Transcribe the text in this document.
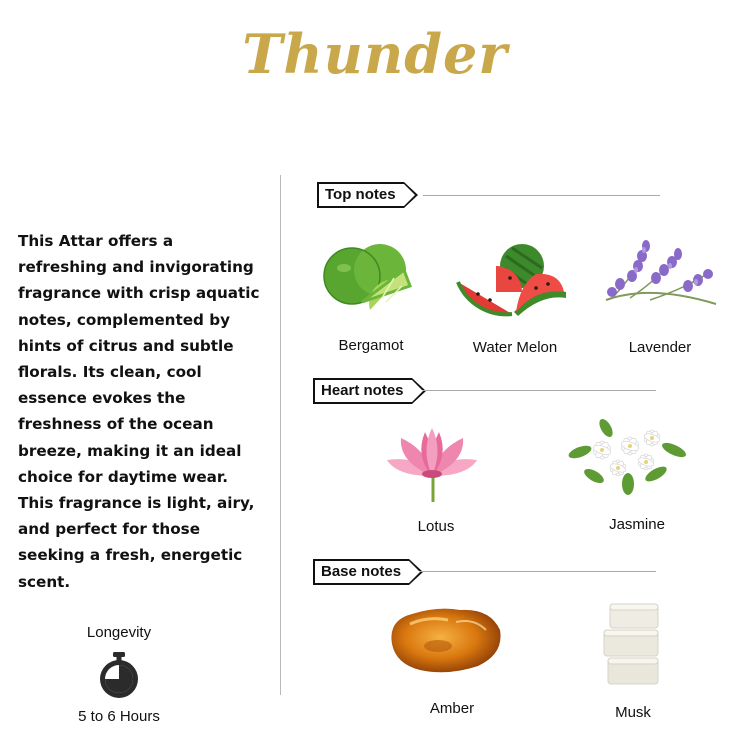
Thunder
This Attar offers a refreshing and invigorating fragrance with crisp aquatic notes, complemented by hints of citrus and subtle florals. Its clean, cool essence evokes the freshness of the ocean breeze, making it an ideal choice for daytime wear. This fragrance is light, airy, and perfect for those seeking a fresh, energetic scent.
Longevity
5 to 6 Hours
Top notes
Bergamot	Water Melon	Lavender
Heart notes
Lotus	Jasmine
Base notes
Amber	Musk
